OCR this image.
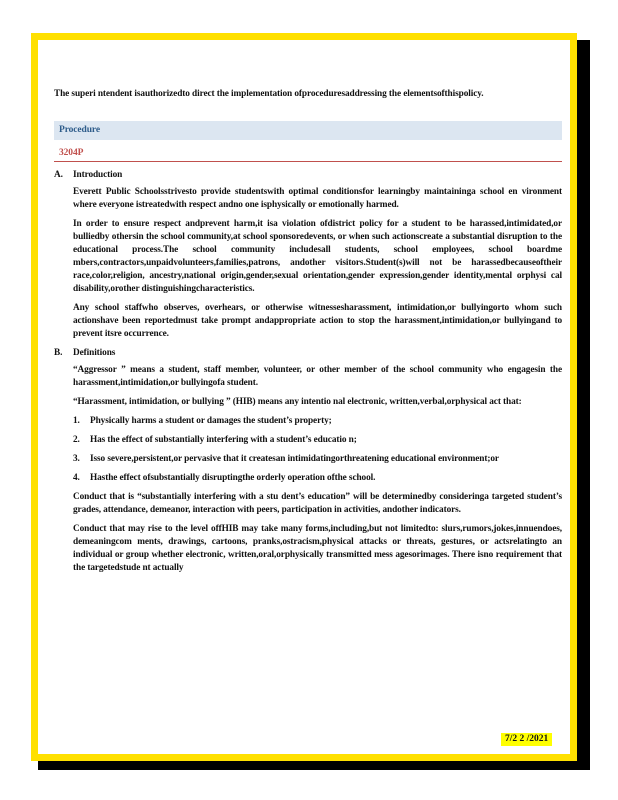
The superi ntendent isauthorizedto direct the implementation ofproceduresaddressing the elementsofthispolicy.

Procedure
3204P
A.	Introduction

Everett Public Schoolsstrivesto provide studentswith optimal conditionsfor learningby maintaininga school en vironment where everyone istreatedwith respect andno one isphysically or emotionally harmed.

In order to ensure respect andprevent harm,it isa violation ofdistrict policy for a student to be harassed,intimidated,or bulliedby othersin the school community,at school sponsoredevents, or when such actionscreate a substantial disruption to the educational process.The school community includesall students, school employees, school boardme mbers,contractors,unpaidvolunteers,families,patrons, andother visitors.Student(s)will not be harassedbecauseoftheir race,color,religion, ancestry,national origin,gender,sexual orientation,gender expression,gender identity,mental orphysi cal disability,orother distinguishingcharacteristics.

Any school staffwho observes, overhears, or otherwise witnessesharassment, intimidation,or bullyingorto whom such actionshave been reportedmust take prompt andappropriate action to stop the harassment,intimidation,or bullyingand to prevent itsre occurrence.

B.	Definitions

“Aggressor ” means a student, staff member, volunteer, or other member of the school community who engagesin the harassment,intimidation,or bullyingofa student.

“Harassment, intimidation, or bullying ” (HIB) means any intentio nal electronic, written,verbal,orphysical act that:

1.	Physically harms a student or damages the student’s property;
2.	Has the effect of substantially interfering with a student’s educatio n;
3.	Isso severe,persistent,or pervasive that it createsan intimidatingorthreatening educational environment;or
4.	Hasthe effect ofsubstantially disruptingthe orderly operation ofthe school.

Conduct that is “substantially interfering with a stu dent’s education” will be determinedby consideringa targeted student’s grades, attendance, demeanor, interaction with peers, participation in activities, andother indicators.

Conduct that may rise to the level offHIB may take many forms,including,but not limitedto: slurs,rumors,jokes,innuendoes, demeaningcom ments, drawings, cartoons, pranks,ostracism,physical attacks or threats, gestures, or actsrelatingto an individual or group whether electronic, written,oral,orphysically transmitted mess agesorimages. There isno requirement that the targetedstude nt actually

7/2 2 /2021
